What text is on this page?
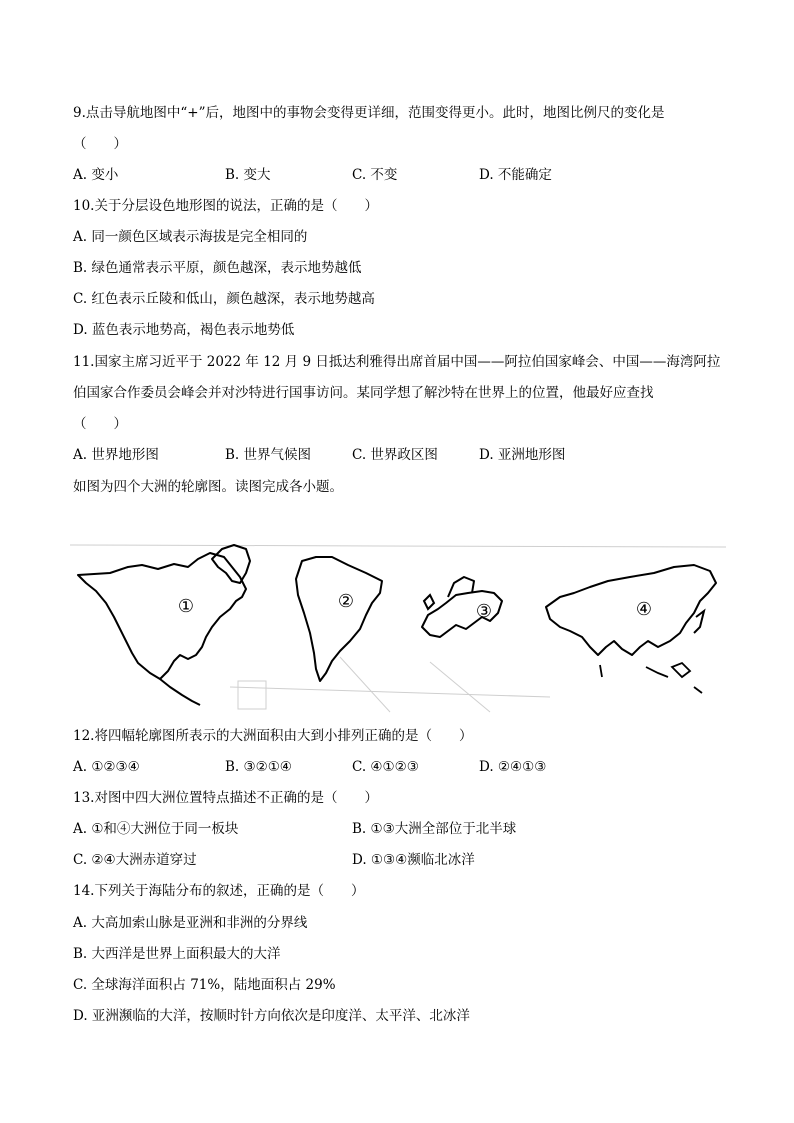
9.点击导航地图中“+”后，地图中的事物会变得更详细，范围变得更小。此时，地图比例尺的变化是
（　　）
A. 变小	B. 变大	C. 不变	D. 不能确定
10.关于分层设色地形图的说法，正确的是（　　）
A. 同一颜色区域表示海拔是完全相同的
B. 绿色通常表示平原，颜色越深，表示地势越低
C. 红色表示丘陵和低山，颜色越深，表示地势越高
D. 蓝色表示地势高，褐色表示地势低
11.国家主席习近平于 2022 年 12 月 9 日抵达利雅得出席首届中国——阿拉伯国家峰会、中国——海湾阿拉
伯国家合作委员会峰会并对沙特进行国事访问。某同学想了解沙特在世界上的位置，他最好应查找
（　　）
A. 世界地形图	B. 世界气候图	C. 世界政区图	D. 亚洲地形图
如图为四个大洲的轮廓图。读图完成各小题。
①	②	③	④
12.将四幅轮廓图所表示的大洲面积由大到小排列正确的是（　　）
A. ①②③④	B. ③②①④	C. ④①②③	D. ②④①③
13.对图中四大洲位置特点描述不正确的是（　　）
A. ①和④大洲位于同一板块	B. ①③大洲全部位于北半球
C. ②④大洲赤道穿过	D. ①③④濒临北冰洋
14.下列关于海陆分布的叙述，正确的是（　　）
A. 大高加索山脉是亚洲和非洲的分界线
B. 大西洋是世界上面积最大的大洋
C. 全球海洋面积占 71%，陆地面积占 29%
D. 亚洲濒临的大洋，按顺时针方向依次是印度洋、太平洋、北冰洋
